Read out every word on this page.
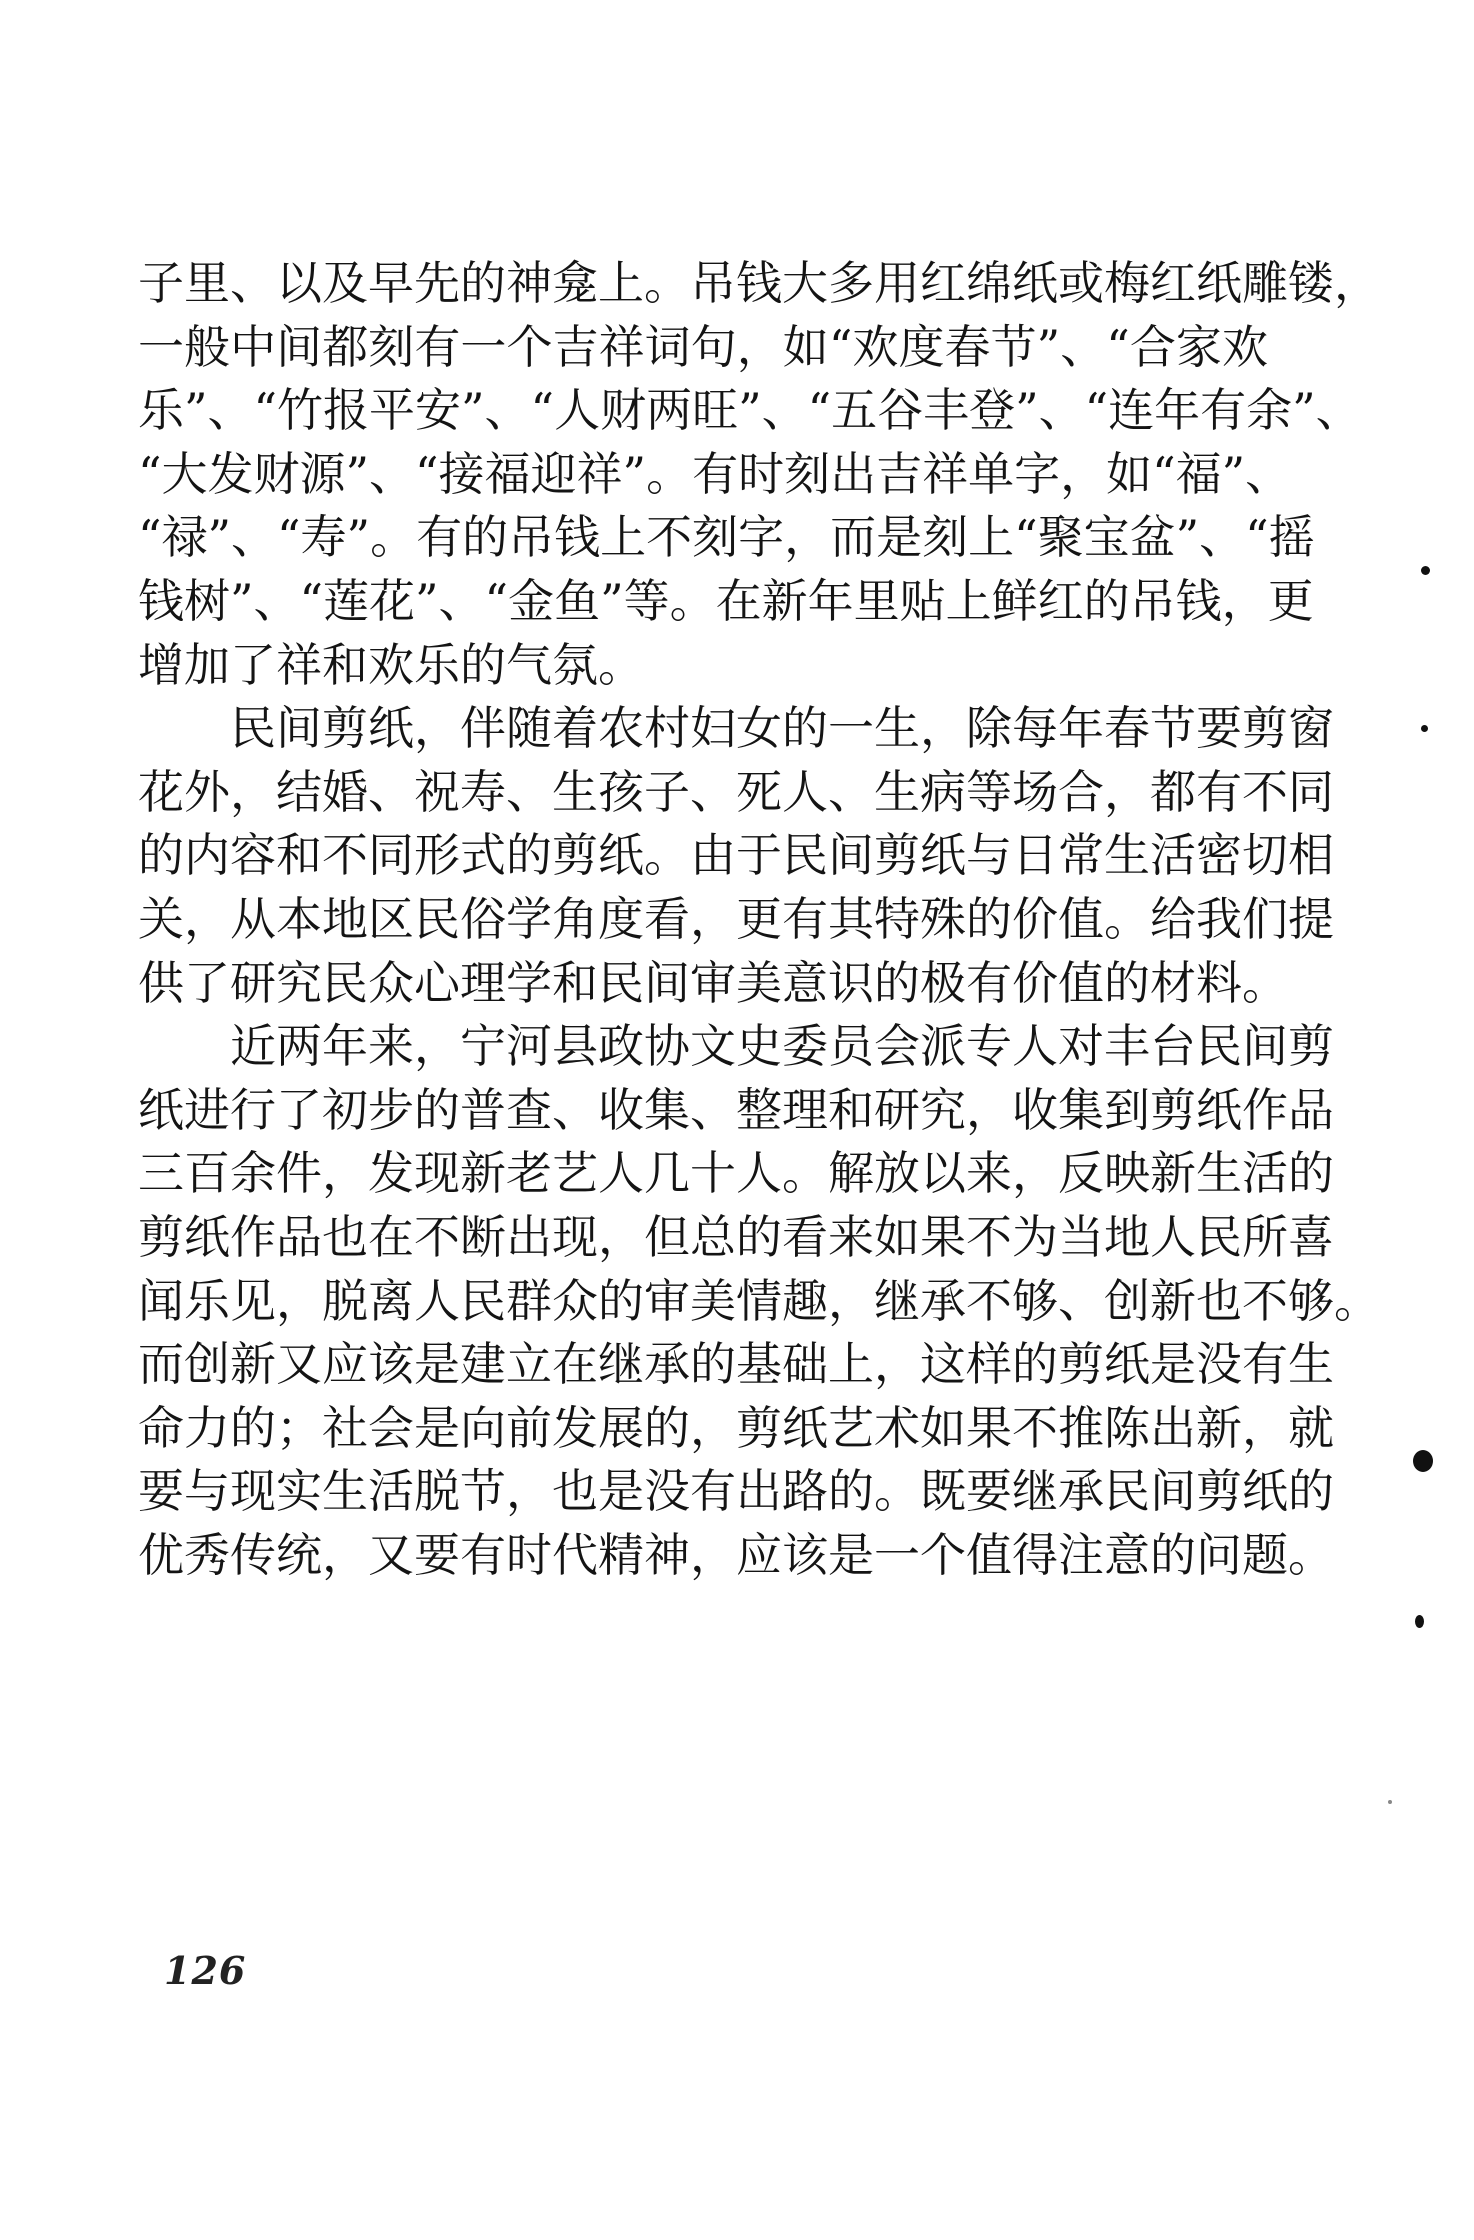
子里、以及早先的神龛上。吊钱大多用红绵纸或梅红纸雕镂，
一般中间都刻有一个吉祥词句，如“欢度春节”、“合家欢
乐”、“竹报平安”、“人财两旺”、“五谷丰登”、“连年有余”、
“大发财源”、“接福迎祥”。有时刻出吉祥单字，如“福”、
“禄”、“寿”。有的吊钱上不刻字，而是刻上“聚宝盆”、“摇
钱树”、“莲花”、“金鱼”等。在新年里贴上鲜红的吊钱，更
增加了祥和欢乐的气氛。
民间剪纸，伴随着农村妇女的一生，除每年春节要剪窗
花外，结婚、祝寿、生孩子、死人、生病等场合，都有不同
的内容和不同形式的剪纸。由于民间剪纸与日常生活密切相
关，从本地区民俗学角度看，更有其特殊的价值。给我们提
供了研究民众心理学和民间审美意识的极有价值的材料。
近两年来，宁河县政协文史委员会派专人对丰台民间剪
纸进行了初步的普查、收集、整理和研究，收集到剪纸作品
三百余件，发现新老艺人几十人。解放以来，反映新生活的
剪纸作品也在不断出现，但总的看来如果不为当地人民所喜
闻乐见，脱离人民群众的审美情趣，继承不够、创新也不够。
而创新又应该是建立在继承的基础上，这样的剪纸是没有生
命力的；社会是向前发展的，剪纸艺术如果不推陈出新，就
要与现实生活脱节，也是没有出路的。既要继承民间剪纸的
优秀传统，又要有时代精神，应该是一个值得注意的问题。
126
